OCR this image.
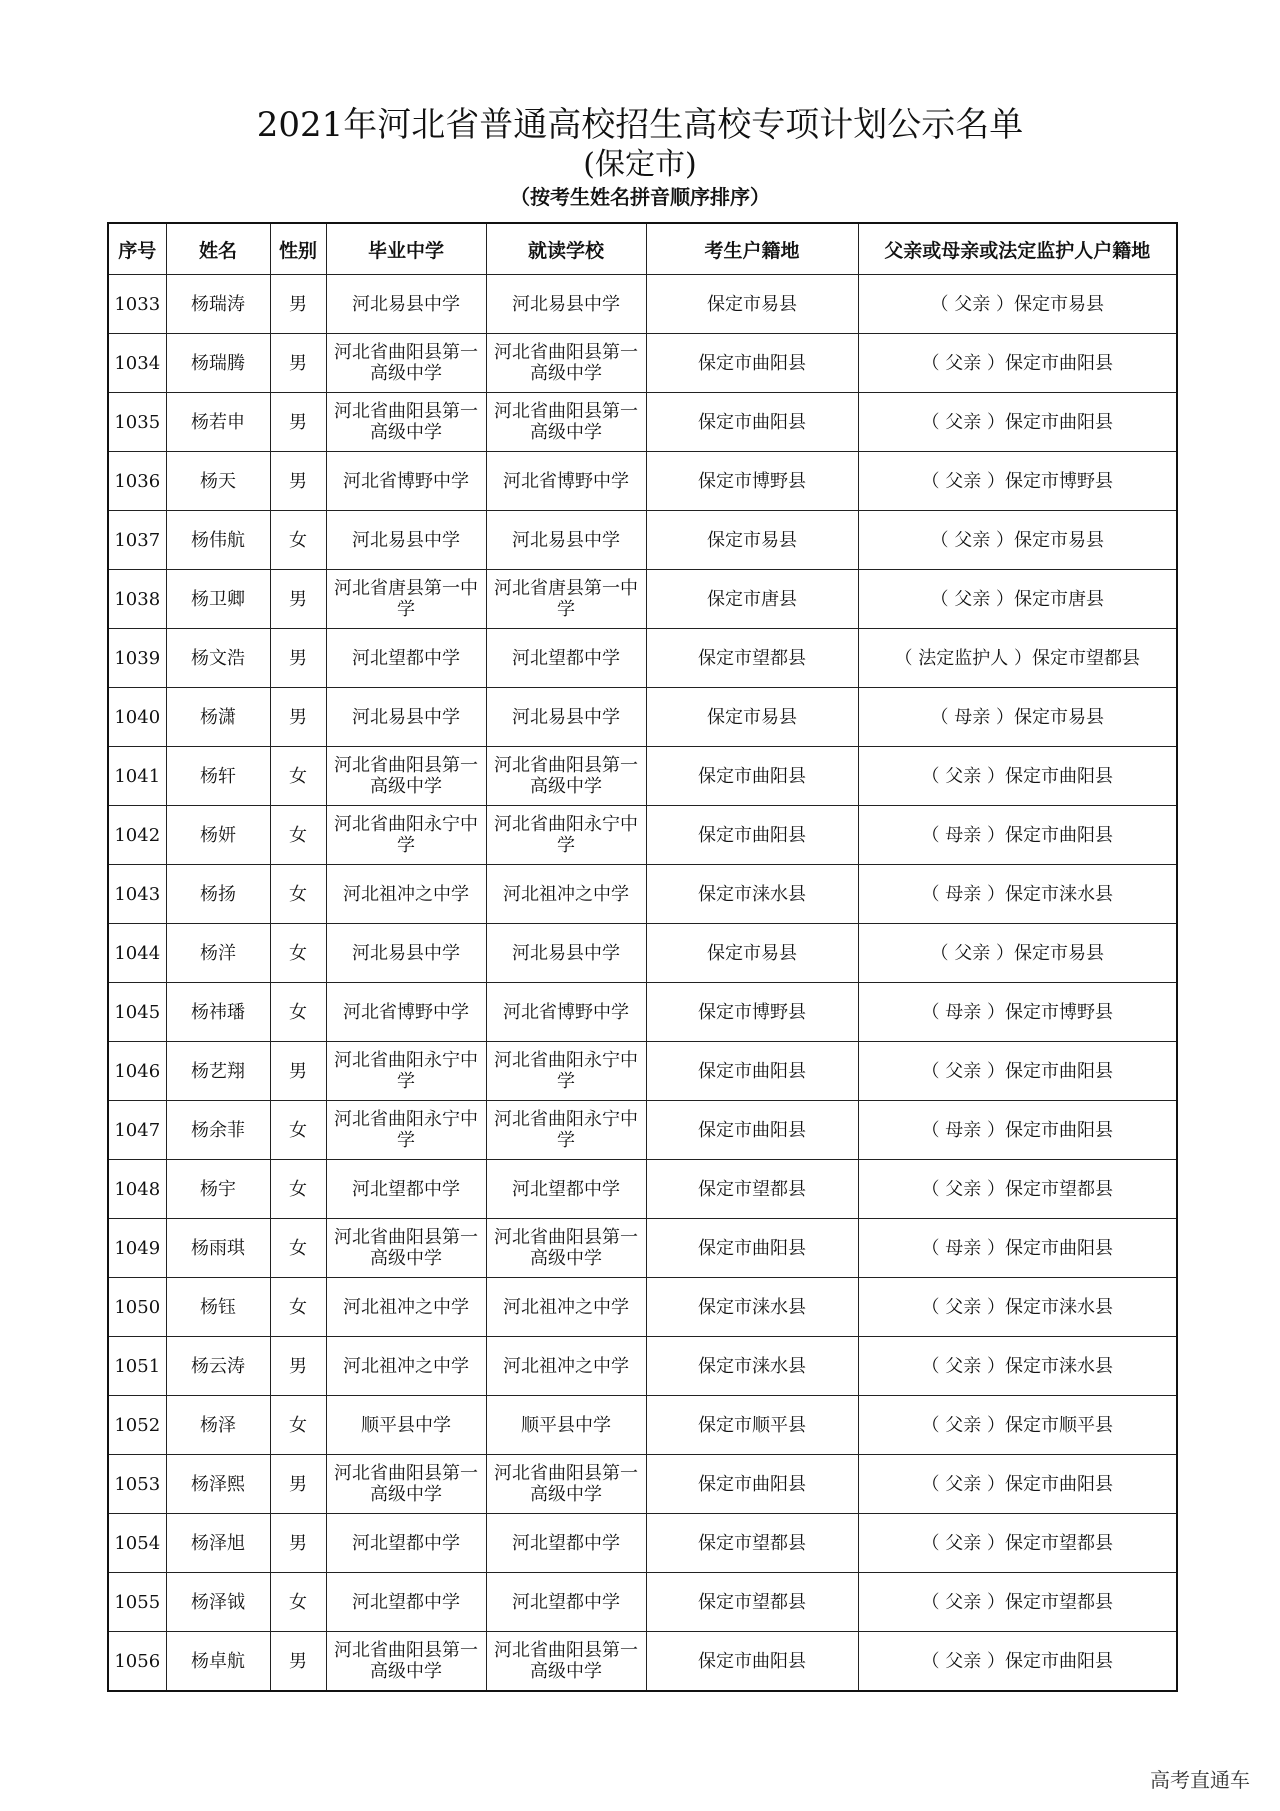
2021年河北省普通高校招生高校专项计划公示名单
(保定市)
（按考生姓名拼音顺序排序）
序号	姓名	性别	毕业中学	就读学校	考生户籍地	父亲或母亲或法定监护人户籍地
1033	杨瑞涛	男	河北易县中学	河北易县中学	保定市易县	（ 父亲 ）保定市易县
1034	杨瑞腾	男	河北省曲阳县第一高级中学	河北省曲阳县第一高级中学	保定市曲阳县	（ 父亲 ）保定市曲阳县
1035	杨若申	男	河北省曲阳县第一高级中学	河北省曲阳县第一高级中学	保定市曲阳县	（ 父亲 ）保定市曲阳县
1036	杨天	男	河北省博野中学	河北省博野中学	保定市博野县	（ 父亲 ）保定市博野县
1037	杨伟航	女	河北易县中学	河北易县中学	保定市易县	（ 父亲 ）保定市易县
1038	杨卫卿	男	河北省唐县第一中学	河北省唐县第一中学	保定市唐县	（ 父亲 ）保定市唐县
1039	杨文浩	男	河北望都中学	河北望都中学	保定市望都县	（ 法定监护人 ）保定市望都县
1040	杨潇	男	河北易县中学	河北易县中学	保定市易县	（ 母亲 ）保定市易县
1041	杨轩	女	河北省曲阳县第一高级中学	河北省曲阳县第一高级中学	保定市曲阳县	（ 父亲 ）保定市曲阳县
1042	杨妍	女	河北省曲阳永宁中学	河北省曲阳永宁中学	保定市曲阳县	（ 母亲 ）保定市曲阳县
1043	杨扬	女	河北祖冲之中学	河北祖冲之中学	保定市涞水县	（ 母亲 ）保定市涞水县
1044	杨洋	女	河北易县中学	河北易县中学	保定市易县	（ 父亲 ）保定市易县
1045	杨祎璠	女	河北省博野中学	河北省博野中学	保定市博野县	（ 母亲 ）保定市博野县
1046	杨艺翔	男	河北省曲阳永宁中学	河北省曲阳永宁中学	保定市曲阳县	（ 父亲 ）保定市曲阳县
1047	杨余菲	女	河北省曲阳永宁中学	河北省曲阳永宁中学	保定市曲阳县	（ 母亲 ）保定市曲阳县
1048	杨宇	女	河北望都中学	河北望都中学	保定市望都县	（ 父亲 ）保定市望都县
1049	杨雨琪	女	河北省曲阳县第一高级中学	河北省曲阳县第一高级中学	保定市曲阳县	（ 母亲 ）保定市曲阳县
1050	杨钰	女	河北祖冲之中学	河北祖冲之中学	保定市涞水县	（ 父亲 ）保定市涞水县
1051	杨云涛	男	河北祖冲之中学	河北祖冲之中学	保定市涞水县	（ 父亲 ）保定市涞水县
1052	杨泽	女	顺平县中学	顺平县中学	保定市顺平县	（ 父亲 ）保定市顺平县
1053	杨泽熙	男	河北省曲阳县第一高级中学	河北省曲阳县第一高级中学	保定市曲阳县	（ 父亲 ）保定市曲阳县
1054	杨泽旭	男	河北望都中学	河北望都中学	保定市望都县	（ 父亲 ）保定市望都县
1055	杨泽钺	女	河北望都中学	河北望都中学	保定市望都县	（ 父亲 ）保定市望都县
1056	杨卓航	男	河北省曲阳县第一高级中学	河北省曲阳县第一高级中学	保定市曲阳县	（ 父亲 ）保定市曲阳县
高考直通车
